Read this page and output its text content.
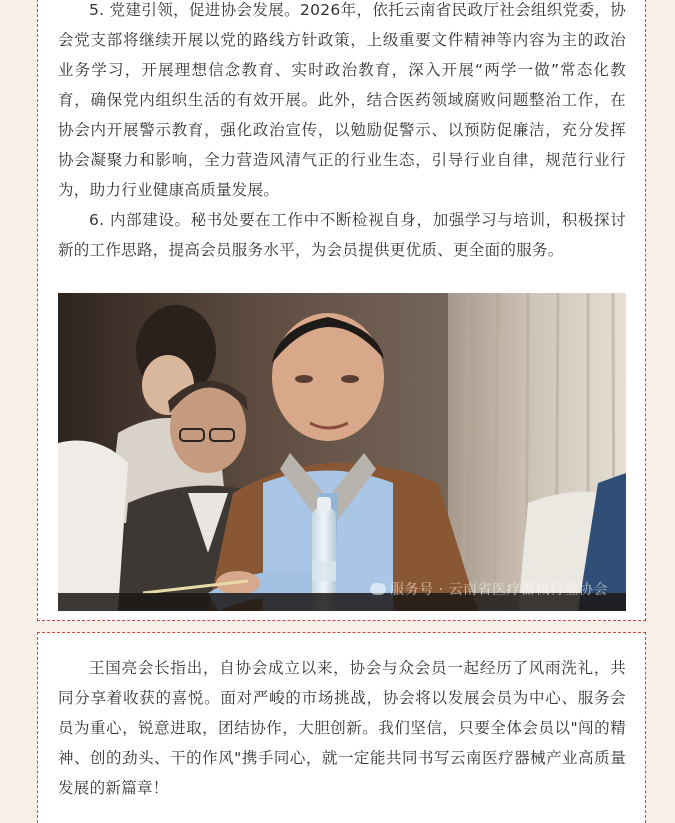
5. 党建引领，促进协会发展。2026年，依托云南省民政厅社会组织党委，协会党支部将继续开展以党的路线方针政策，上级重要文件精神等内容为主的政治业务学习，开展理想信念教育、实时政治教育，深入开展“两学一做”常态化教育，确保党内组织生活的有效开展。此外，结合医药领域腐败问题整治工作，在协会内开展警示教育，强化政治宣传，以勉励促警示、以预防促廉洁，充分发挥协会凝聚力和影响，全力营造风清气正的行业生态，引导行业自律，规范行业行为，助力行业健康高质量发展。

6. 内部建设。秘书处要在工作中不断检视自身，加强学习与培训，积极探讨新的工作思路，提高会员服务水平，为会员提供更优质、更全面的服务。

服务号 · 云南省医疗器械行业协会

王国亮会长指出，自协会成立以来，协会与众会员一起经历了风雨洗礼，共同分享着收获的喜悦。面对严峻的市场挑战，协会将以发展会员为中心、服务会员为重心，锐意进取，团结协作，大胆创新。我们坚信，只要全体会员以"闯的精神、创的劲头、干的作风"携手同心，就一定能共同书写云南医疗器械产业高质量发展的新篇章！
